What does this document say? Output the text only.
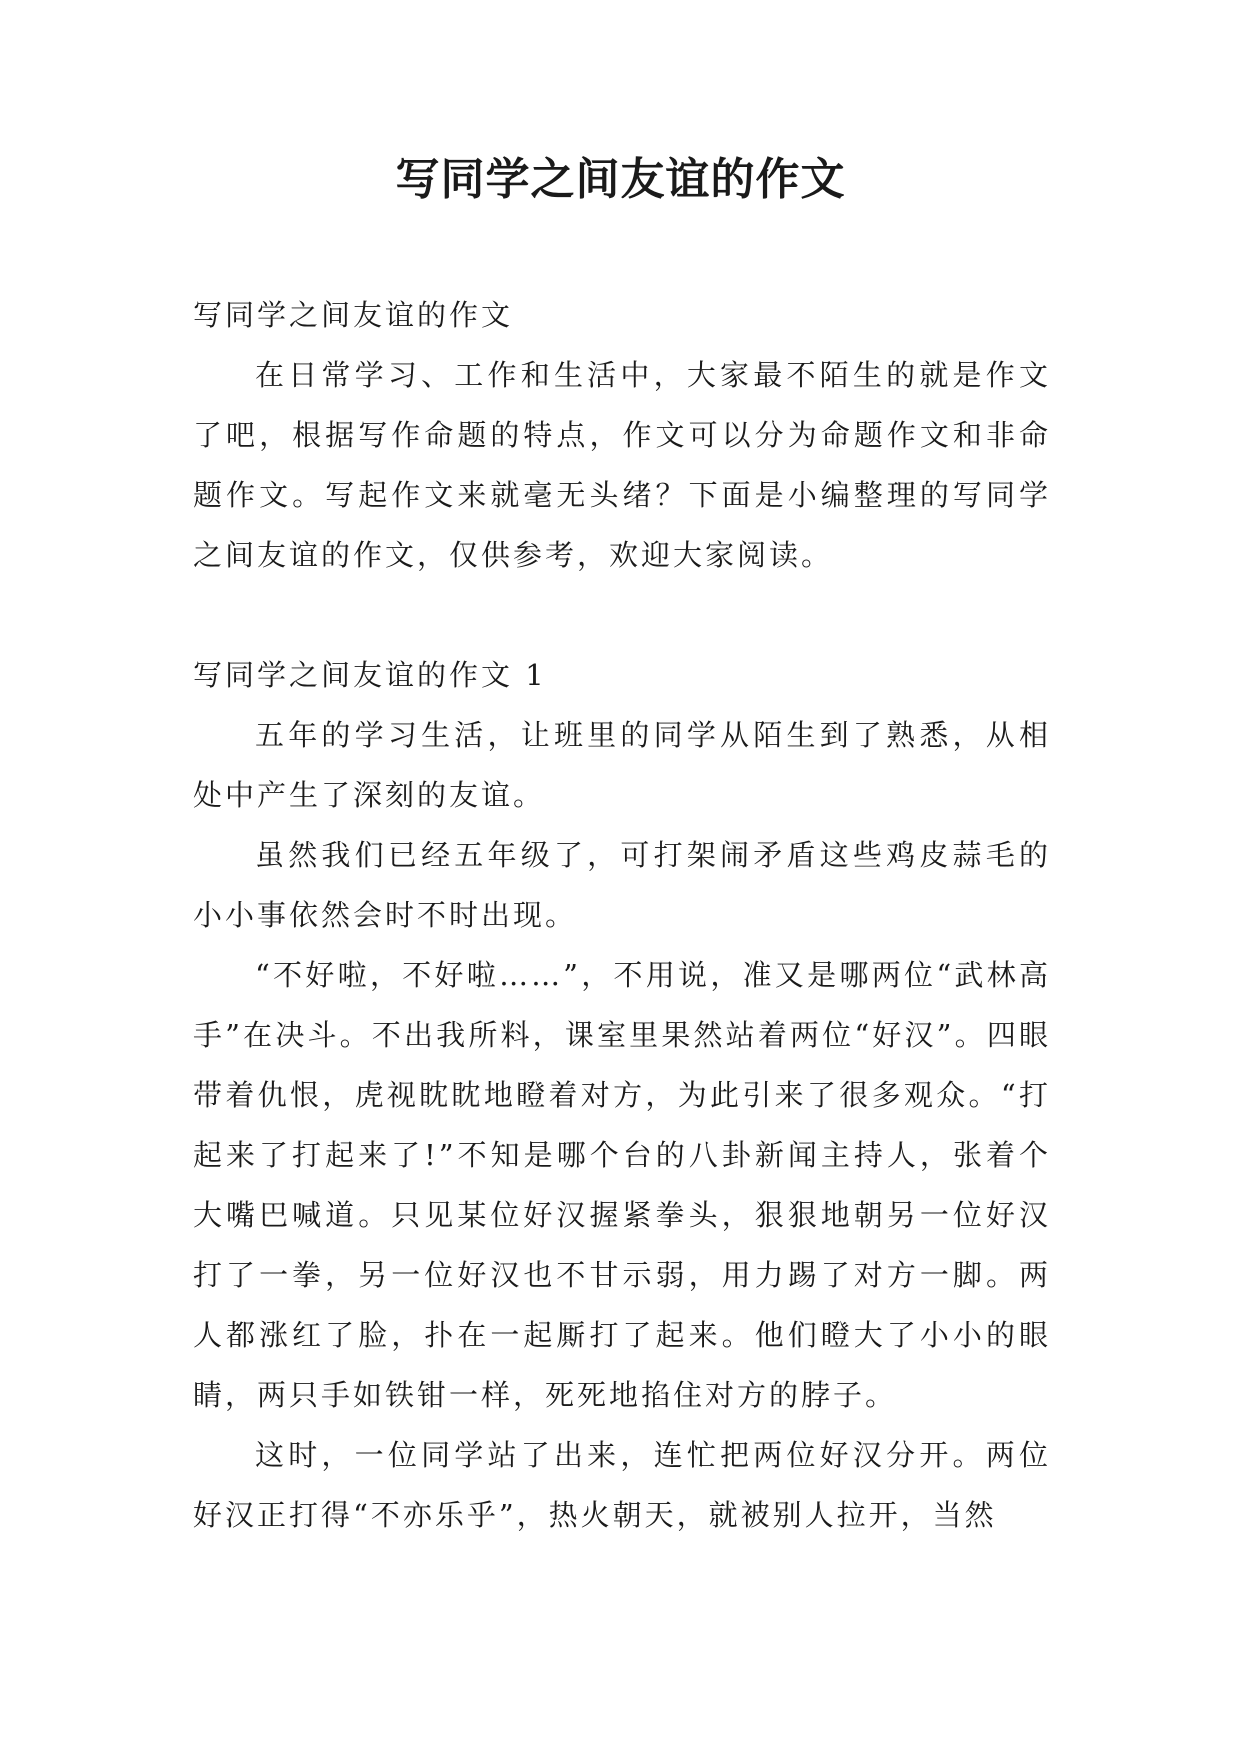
写同学之间友谊的作文

写同学之间友谊的作文

在日常学习、工作和生活中，大家最不陌生的就是作文了吧，根据写作命题的特点，作文可以分为命题作文和非命题作文。写起作文来就毫无头绪？下面是小编整理的写同学之间友谊的作文，仅供参考，欢迎大家阅读。

写同学之间友谊的作文 1

五年的学习生活，让班里的同学从陌生到了熟悉，从相处中产生了深刻的友谊。

虽然我们已经五年级了，可打架闹矛盾这些鸡皮蒜毛的小小事依然会时不时出现。

“不好啦，不好啦……”，不用说，准又是哪两位“武林高手”在决斗。不出我所料，课室里果然站着两位“好汉”。四眼带着仇恨，虎视眈眈地瞪着对方，为此引来了很多观众。“打起来了打起来了!”不知是哪个台的八卦新闻主持人，张着个大嘴巴喊道。只见某位好汉握紧拳头，狠狠地朝另一位好汉打了一拳，另一位好汉也不甘示弱，用力踢了对方一脚。两人都涨红了脸，扑在一起厮打了起来。他们瞪大了小小的眼睛，两只手如铁钳一样，死死地掐住对方的脖子。

这时，一位同学站了出来，连忙把两位好汉分开。两位好汉正打得“不亦乐乎”，热火朝天，就被别人拉开，当然
